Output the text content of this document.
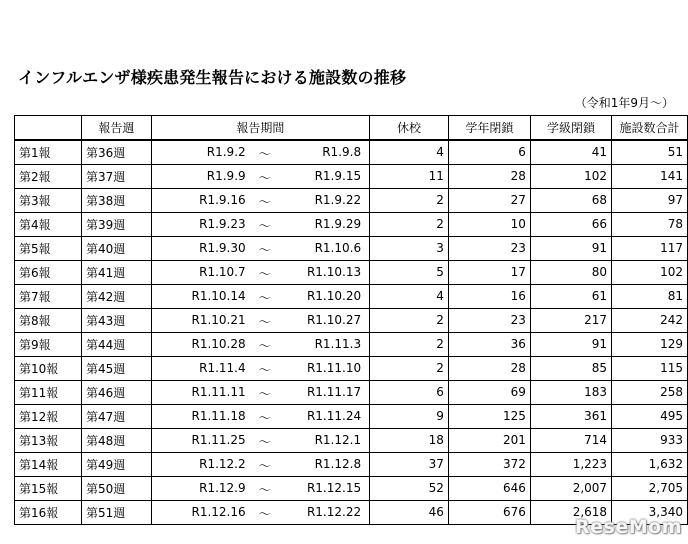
インフルエンザ様疾患発生報告における施設数の推移
（令和1年9月～）
	報告週	報告期間	休校	学年閉鎖	学級閉鎖	施設数合計
第1報	第36週	R1.9.2 ～ R1.9.8	4	6	41	51
第2報	第37週	R1.9.9 ～ R1.9.15	11	28	102	141
第3報	第38週	R1.9.16 ～ R1.9.22	2	27	68	97
第4報	第39週	R1.9.23 ～ R1.9.29	2	10	66	78
第5報	第40週	R1.9.30 ～ R1.10.6	3	23	91	117
第6報	第41週	R1.10.7 ～ R1.10.13	5	17	80	102
第7報	第42週	R1.10.14 ～ R1.10.20	4	16	61	81
第8報	第43週	R1.10.21 ～ R1.10.27	2	23	217	242
第9報	第44週	R1.10.28 ～ R1.11.3	2	36	91	129
第10報	第45週	R1.11.4 ～ R1.11.10	2	28	85	115
第11報	第46週	R1.11.11 ～ R1.11.17	6	69	183	258
第12報	第47週	R1.11.18 ～ R1.11.24	9	125	361	495
第13報	第48週	R1.11.25 ～ R1.12.1	18	201	714	933
第14報	第49週	R1.12.2 ～ R1.12.8	37	372	1,223	1,632
第15報	第50週	R1.12.9 ～ R1.12.15	52	646	2,007	2,705
第16報	第51週	R1.12.16 ～ R1.12.22	46	676	2,618	3,340
ReseMom
